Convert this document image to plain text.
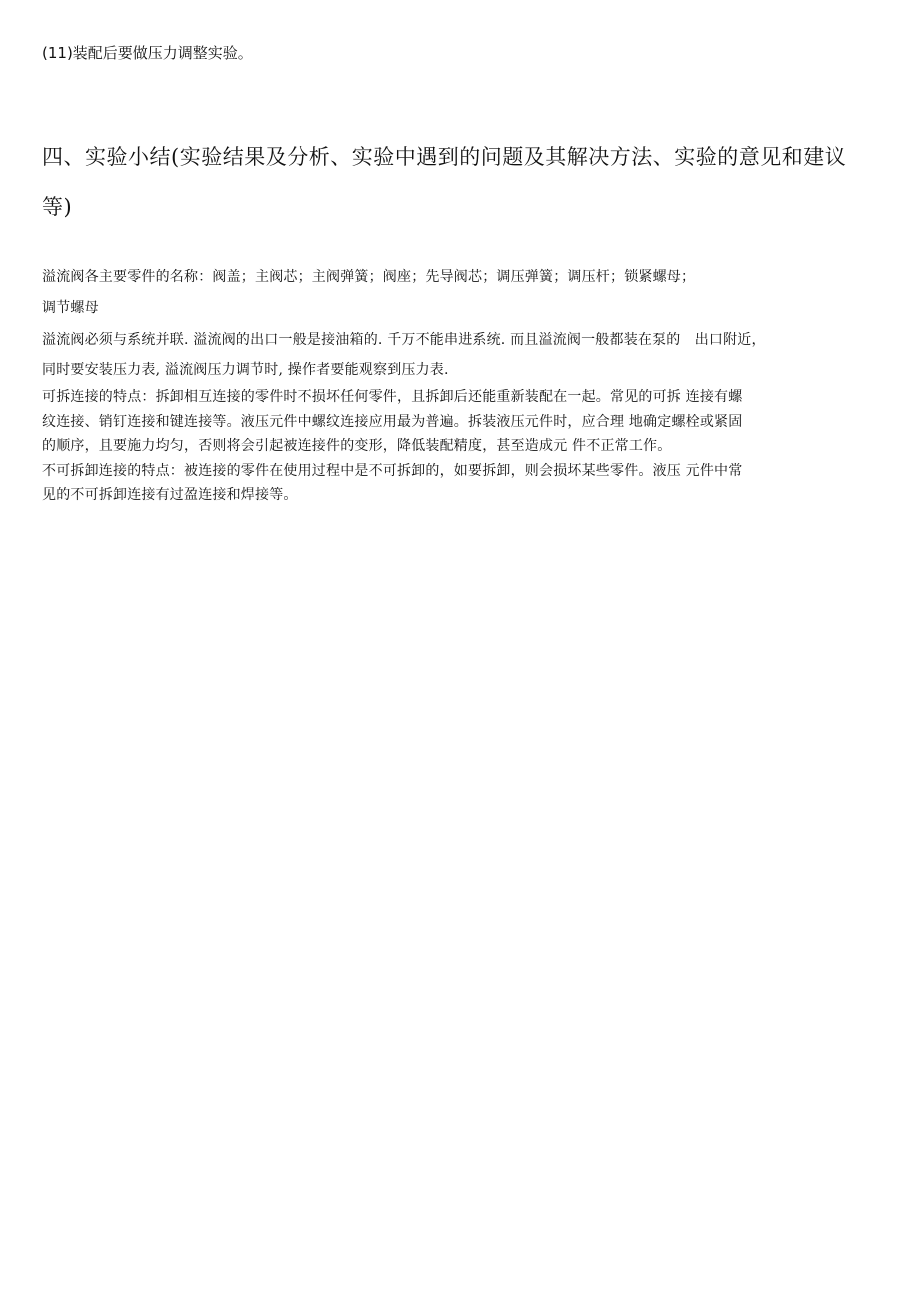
(11)装配后要做压力调整实验。
四、实验小结(实验结果及分析、实验中遇到的问题及其解决方法、实验的意见和建议
等)
溢流阀各主要零件的名称：阀盖；主阀芯；主阀弹簧；阀座；先导阀芯；调压弹簧；调压杆；锁紧螺母；
调节螺母
溢流阀必须与系统并联. 溢流阀的出口一般是接油箱的. 千万不能串进系统. 而且溢流阀一般都装在泵的　出口附近，
同时要安装压力表, 溢流阀压力调节时, 操作者要能观察到压力表.
可拆连接的特点：拆卸相互连接的零件时不损坏任何零件，且拆卸后还能重新装配在一起。常见的可拆 连接有螺
纹连接、销钉连接和键连接等。液压元件中螺纹连接应用最为普遍。拆装液压元件时，应合理 地确定螺栓或紧固
的顺序，且要施力均匀，否则将会引起被连接件的变形，降低装配精度，甚至造成元 件不正常工作。
不可拆卸连接的特点：被连接的零件在使用过程中是不可拆卸的，如要拆卸，则会损坏某些零件。液压 元件中常
见的不可拆卸连接有过盈连接和焊接等。
